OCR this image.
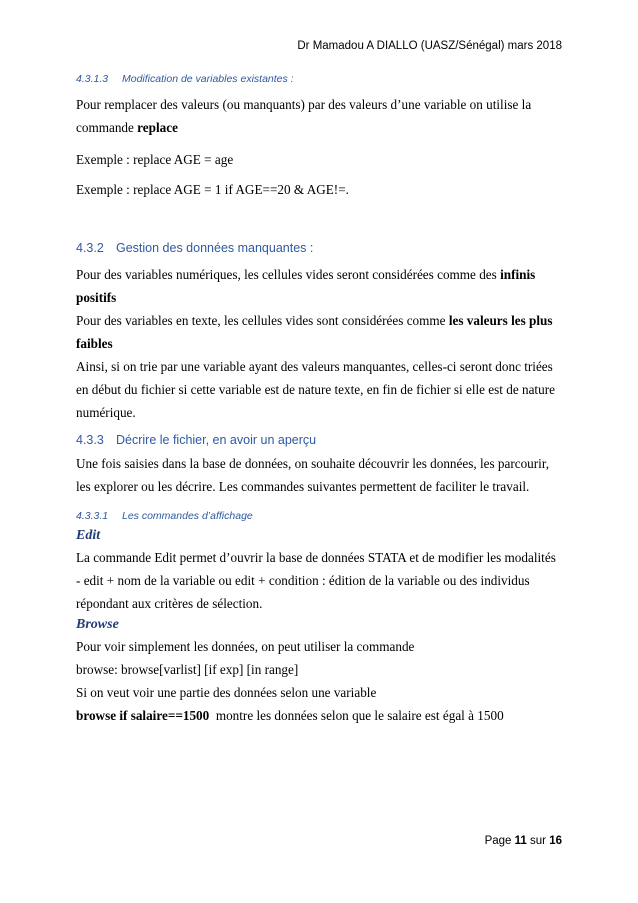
Dr Mamadou A DIALLO (UASZ/Sénégal) mars 2018
4.3.1.3 Modification de variables existantes :
Pour remplacer des valeurs (ou manquants) par des valeurs d’une variable on utilise la commande replace
Exemple : replace AGE = age
Exemple : replace AGE = 1 if AGE==20 & AGE!=.
4.3.2 Gestion des données manquantes :
Pour des variables numériques, les cellules vides seront considérées comme des infinis positifs
Pour des variables en texte, les cellules vides sont considérées comme les valeurs les plus faibles
Ainsi, si on trie par une variable ayant des valeurs manquantes, celles-ci seront donc triées en début du fichier si cette variable est de nature texte, en fin de fichier si elle est de nature numérique.
4.3.3 Décrire le fichier, en avoir un aperçu
Une fois saisies dans la base de données, on souhaite découvrir les données, les parcourir, les explorer ou les décrire. Les commandes suivantes permettent de faciliter le travail.
4.3.3.1 Les commandes d’affichage
Edit
La commande Edit permet d’ouvrir la base de données STATA et de modifier les modalités
- edit + nom de la variable ou edit + condition : édition de la variable ou des individus répondant aux critères de sélection.
Browse
Pour voir simplement les données, on peut utiliser la commande
browse: browse[varlist] [if exp] [in range]
Si on veut voir une partie des données selon une variable
browse if salaire==1500  montre les données selon que le salaire est égal à 1500
Page 11 sur 16
